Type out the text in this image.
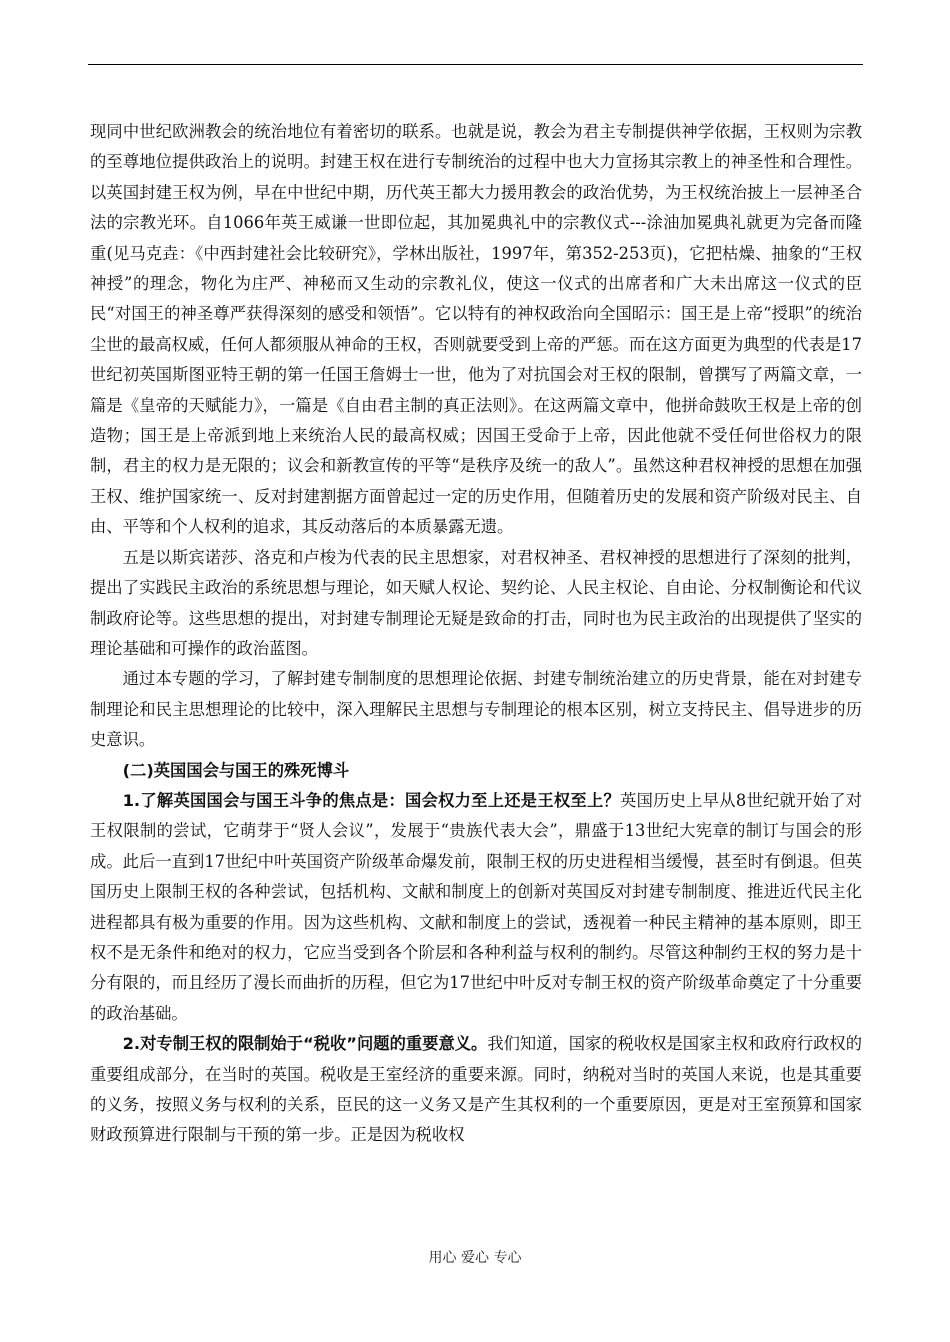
现同中世纪欧洲教会的统治地位有着密切的联系。也就是说，教会为君主专制提供神学依据，王权则为宗教的至尊地位提供政治上的说明。封建王权在进行专制统治的过程中也大力宣扬其宗教上的神圣性和合理性。以英国封建王权为例，早在中世纪中期，历代英王都大力援用教会的政治优势，为王权统治披上一层神圣合法的宗教光环。自1066年英王威谦一世即位起，其加冕典礼中的宗教仪式---涂油加冕典礼就更为完备而隆重(见马克垚：《中西封建社会比较研究》，学林出版社，1997年，第352-253页)，它把枯燥、抽象的“王权神授”的理念，物化为庄严、神秘而又生动的宗教礼仪，使这一仪式的出席者和广大未出席这一仪式的臣民“对国王的神圣尊严获得深刻的感受和领悟”。它以特有的神权政治向全国昭示：国王是上帝“授职”的统治尘世的最高权威，任何人都须服从神命的王权，否则就要受到上帝的严惩。而在这方面更为典型的代表是17世纪初英国斯图亚特王朝的第一任国王詹姆士一世，他为了对抗国会对王权的限制，曾撰写了两篇文章，一篇是《皇帝的天赋能力》，一篇是《自由君主制的真正法则》。在这两篇文章中，他拼命鼓吹王权是上帝的创造物；国王是上帝派到地上来统治人民的最高权威；因国王受命于上帝，因此他就不受任何世俗权力的限制，君主的权力是无限的；议会和新教宣传的平等“是秩序及统一的敌人”。虽然这种君权神授的思想在加强王权、维护国家统一、反对封建割据方面曾起过一定的历史作用，但随着历史的发展和资产阶级对民主、自由、平等和个人权利的追求，其反动落后的本质暴露无遗。

五是以斯宾诺莎、洛克和卢梭为代表的民主思想家，对君权神圣、君权神授的思想进行了深刻的批判，提出了实践民主政治的系统思想与理论，如天赋人权论、契约论、人民主权论、自由论、分权制衡论和代议制政府论等。这些思想的提出，对封建专制理论无疑是致命的打击，同时也为民主政治的出现提供了坚实的理论基础和可操作的政治蓝图。

通过本专题的学习，了解封建专制制度的思想理论依据、封建专制统治建立的历史背景，能在对封建专制理论和民主思想理论的比较中，深入理解民主思想与专制理论的根本区别，树立支持民主、倡导进步的历史意识。

(二)英国国会与国王的殊死博斗

1.了解英国国会与国王斗争的焦点是：国会权力至上还是王权至上？英国历史上早从8世纪就开始了对王权限制的尝试，它萌芽于“贤人会议”，发展于“贵族代表大会”，鼎盛于13世纪大宪章的制订与国会的形成。此后一直到17世纪中叶英国资产阶级革命爆发前，限制王权的历史进程相当缓慢，甚至时有倒退。但英国历史上限制王权的各种尝试，包括机构、文献和制度上的创新对英国反对封建专制制度、推进近代民主化进程都具有极为重要的作用。因为这些机构、文献和制度上的尝试，透视着一种民主精神的基本原则，即王权不是无条件和绝对的权力，它应当受到各个阶层和各种利益与权利的制约。尽管这种制约王权的努力是十分有限的，而且经历了漫长而曲折的历程，但它为17世纪中叶反对专制王权的资产阶级革命奠定了十分重要的政治基础。

2.对专制王权的限制始于“税收”问题的重要意义。我们知道，国家的税收权是国家主权和政府行政权的重要组成部分，在当时的英国。税收是王室经济的重要来源。同时，纳税对当时的英国人来说，也是其重要的义务，按照义务与权利的关系，臣民的这一义务又是产生其权利的一个重要原因，更是对王室预算和国家财政预算进行限制与干预的第一步。正是因为税收权

用心 爱心 专心
